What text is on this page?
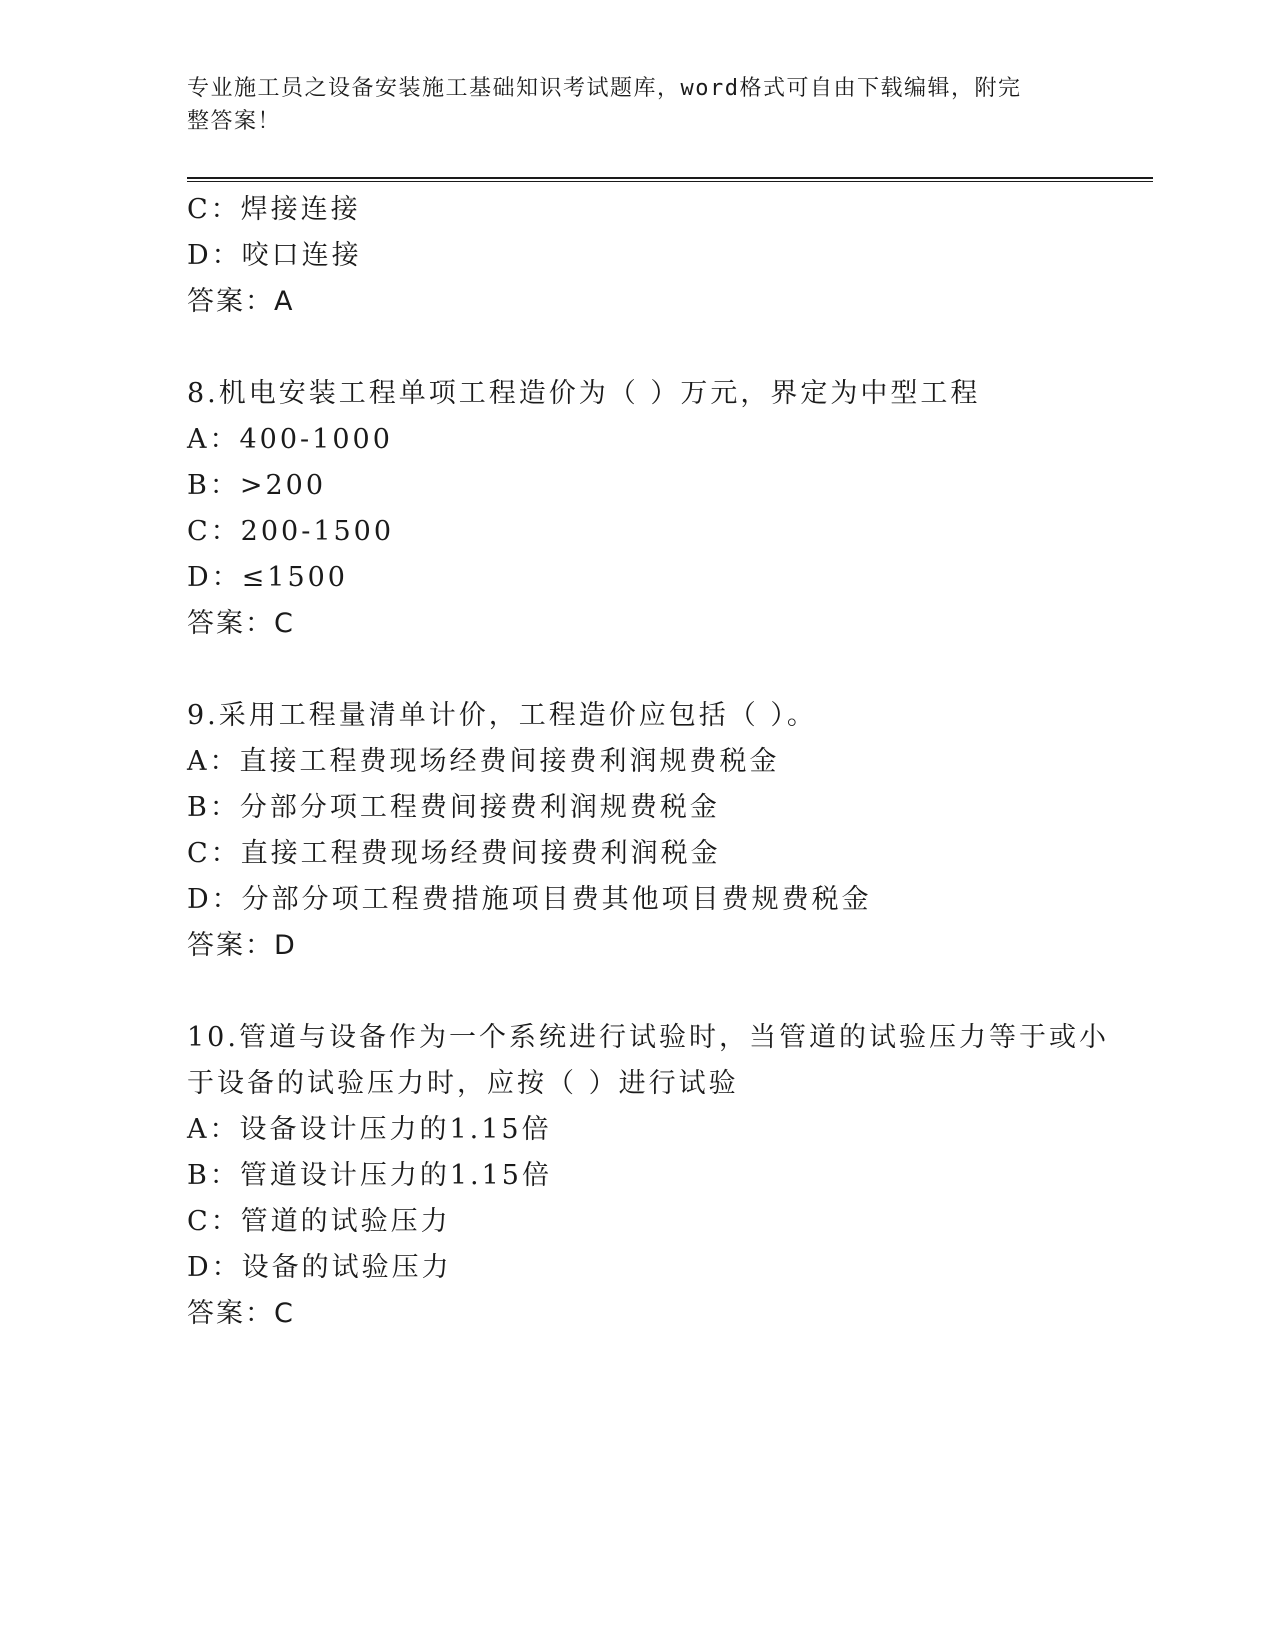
专业施工员之设备安装施工基础知识考试题库，word格式可自由下载编辑，附完
整答案！
C：焊接连接
D：咬口连接
答案：A
8.机电安装工程单项工程造价为（ ）万元，界定为中型工程
A：400-1000
B：>200
C：200-1500
D：≤1500
答案：C
9.采用工程量清单计价，工程造价应包括（ ）。
A：直接工程费现场经费间接费利润规费税金
B：分部分项工程费间接费利润规费税金
C：直接工程费现场经费间接费利润税金
D：分部分项工程费措施项目费其他项目费规费税金
答案：D
10.管道与设备作为一个系统进行试验时，当管道的试验压力等于或小
于设备的试验压力时，应按（ ）进行试验
A：设备设计压力的1.15倍
B：管道设计压力的1.15倍
C：管道的试验压力
D：设备的试验压力
答案：C
